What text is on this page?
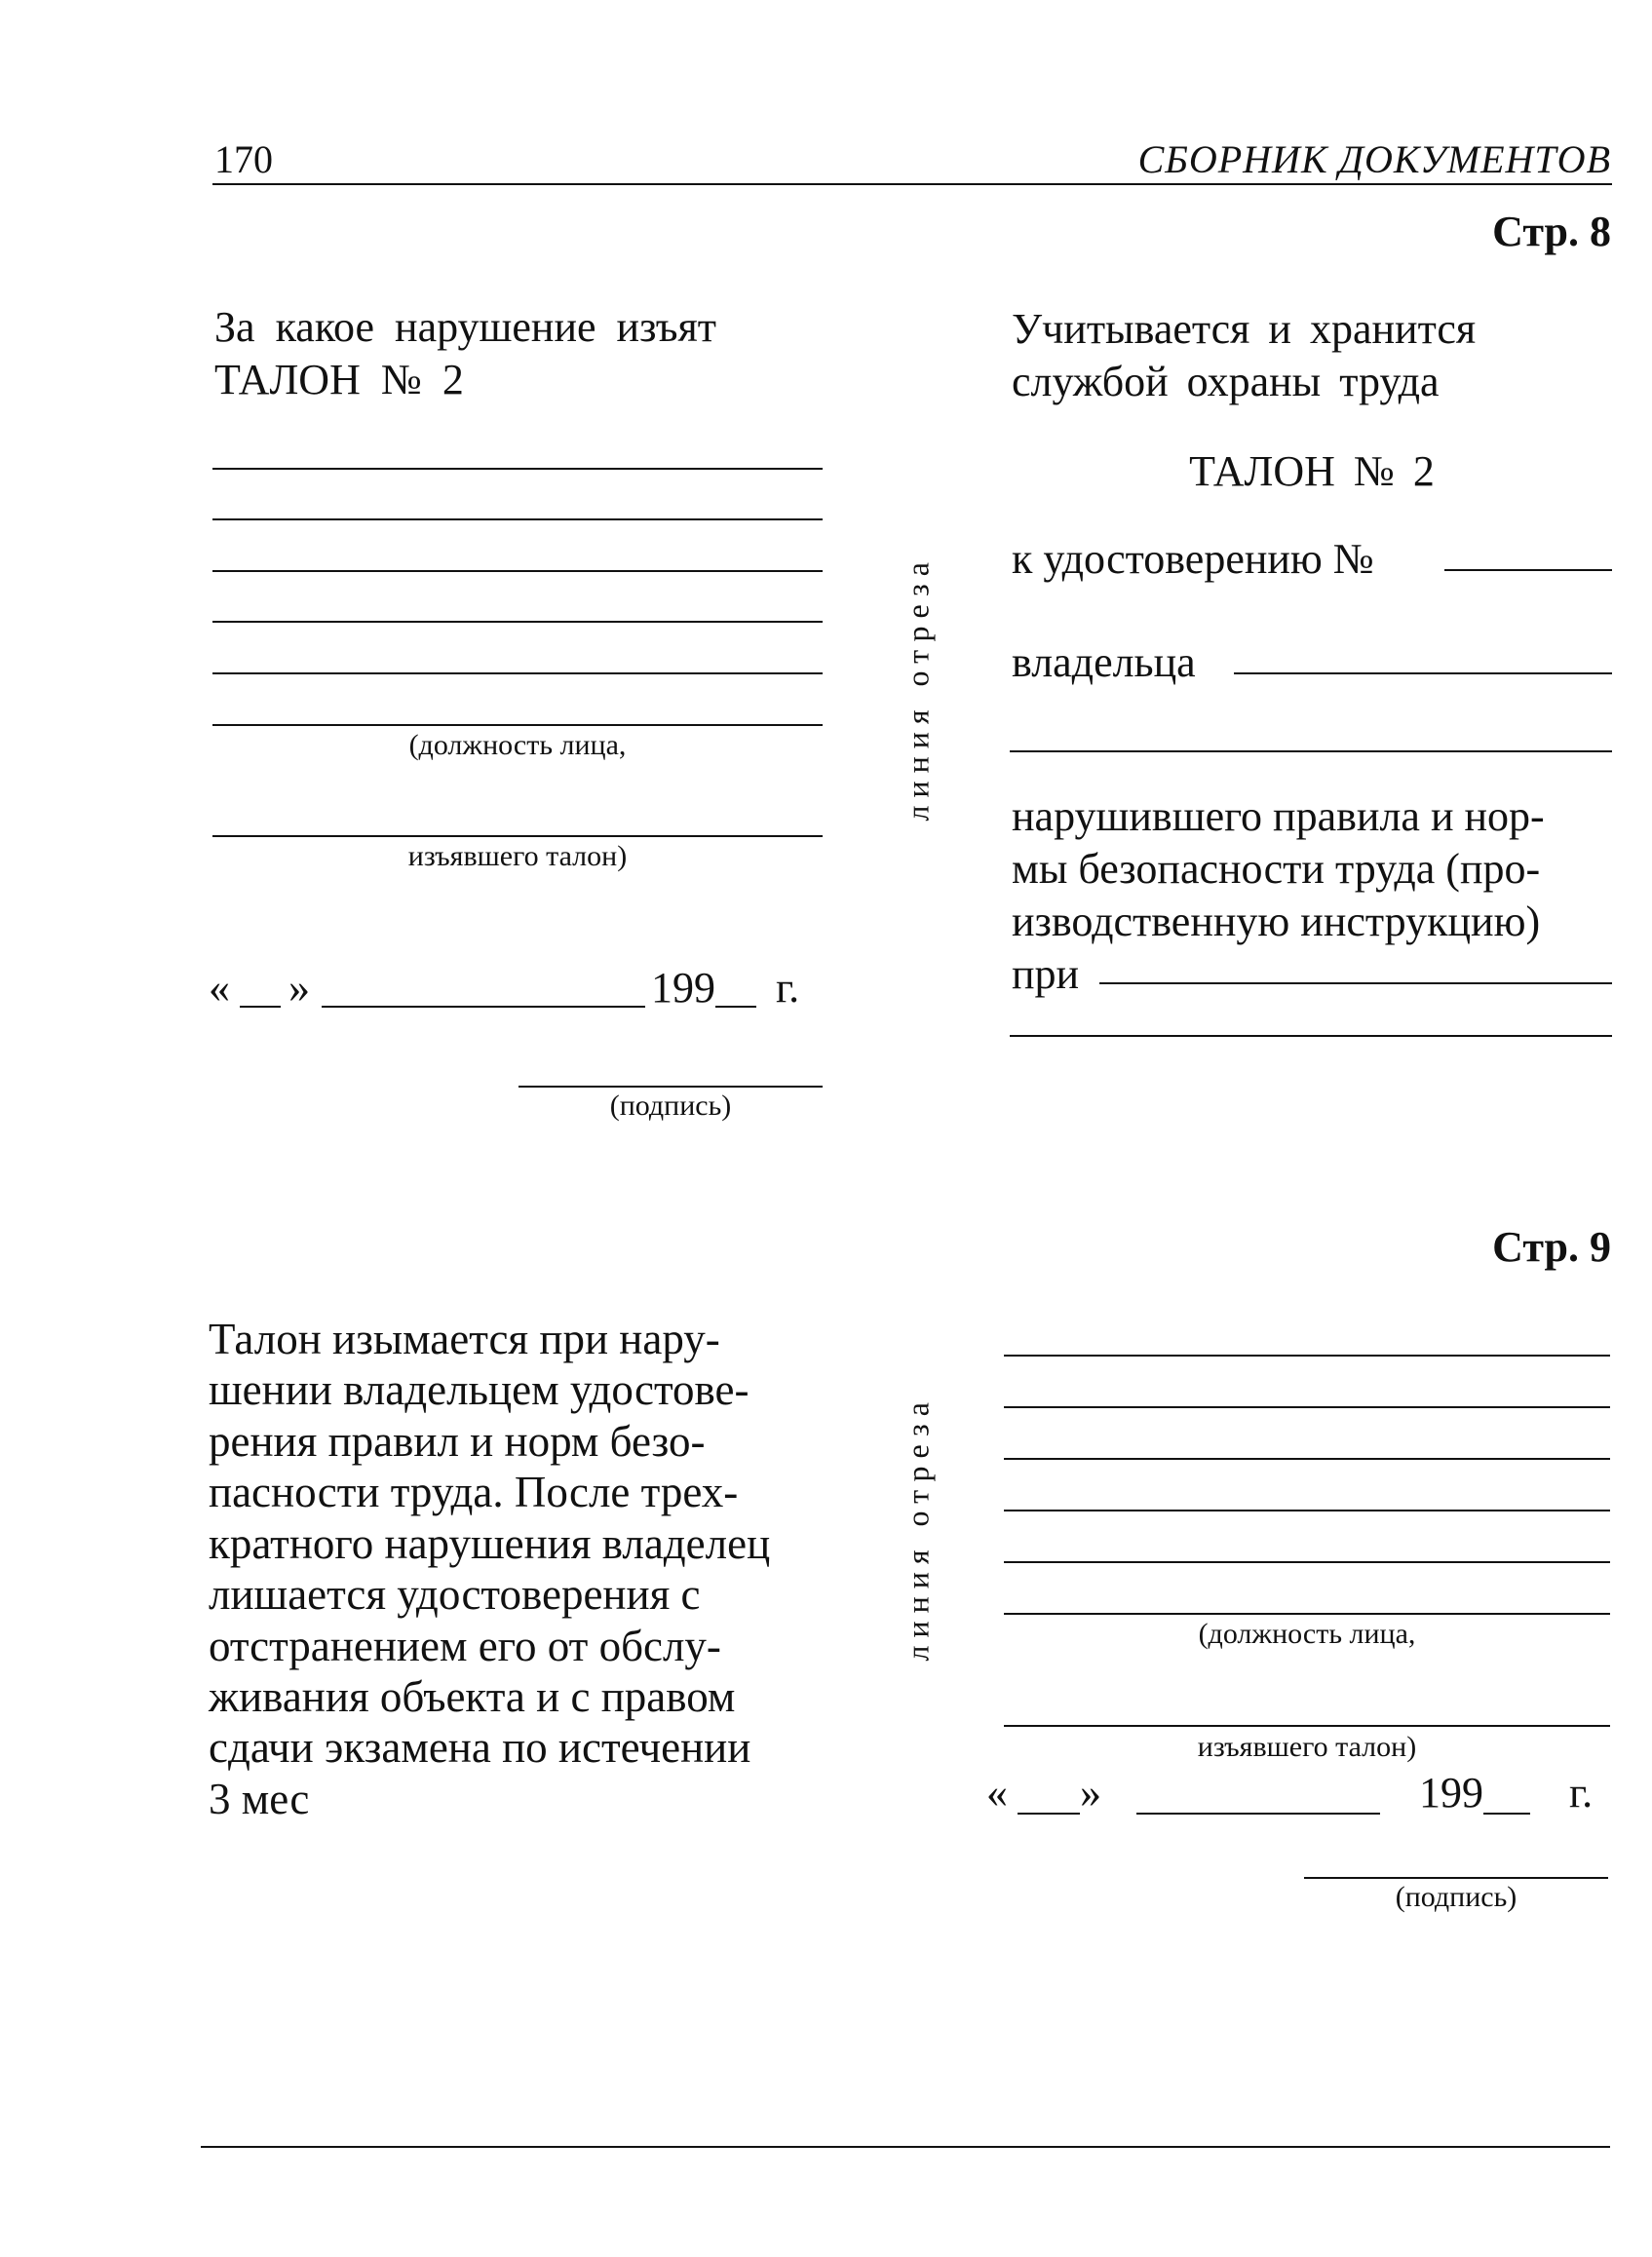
170	СБОРНИК ДОКУМЕНТОВ
Стр. 8
За какое нарушение изъят
ТАЛОН № 2
(должность лица,
изъявшего талон)
« »	199 г.
(подпись)
линия отреза
Учитывается и хранится
службой охраны труда
ТАЛОН № 2
к удостоверению №
владельца
нарушившего правила и нор-
мы безопасности труда (про-
изводственную инструкцию)
при
Стр. 9
Талон изымается при нару-
шении владельцем удостове-
рения правил и норм безо-
пасности труда. После трех-
кратного нарушения владелец
лишается удостоверения с
отстранением его от обслу-
живания объекта и с правом
сдачи экзамена по истечении
3 мес
линия отреза	(должность лица,
изъявшего талон)
« »	199 г.
(подпись)
